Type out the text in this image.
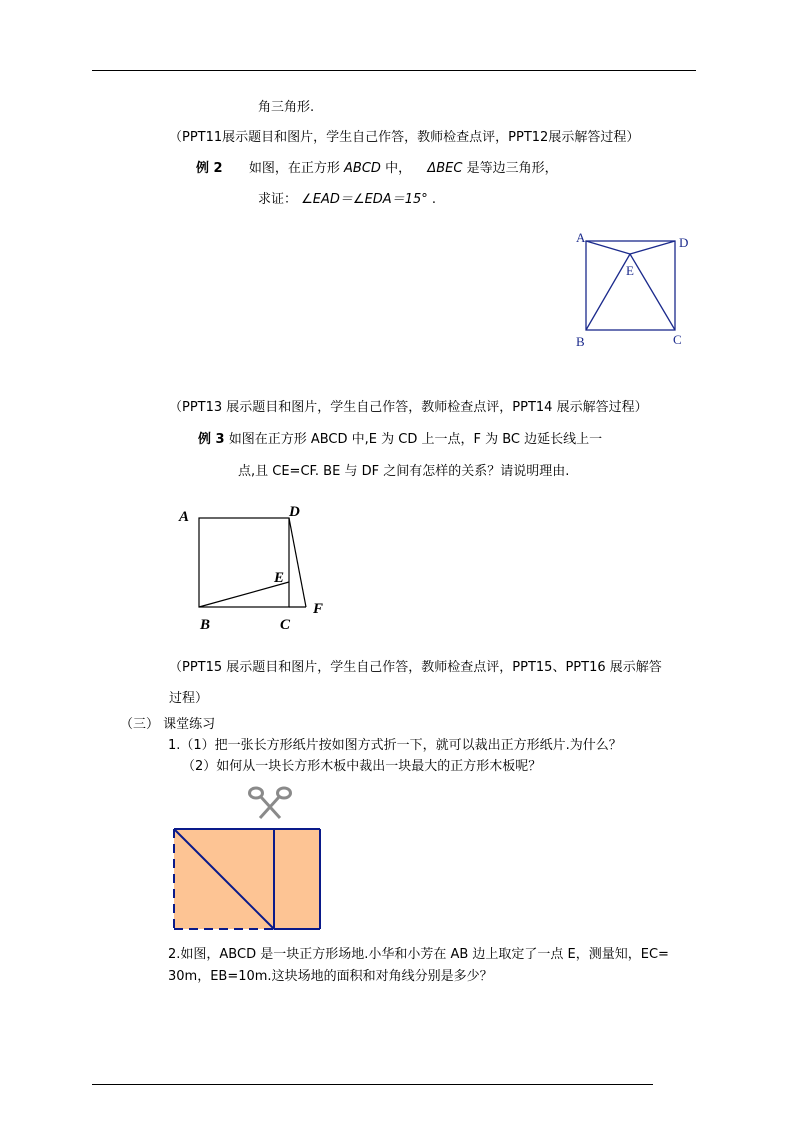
角三角形.
（PPT11展示题目和图片，学生自己作答，教师检查点评，PPT12展示解答过程）
例 2 如图，在正方形 ABCD 中， ΔBEC 是等边三角形，
求证： ∠EAD＝∠EDA＝15° .
A	D
E
B	C
（PPT13 展示题目和图片，学生自己作答，教师检查点评，PPT14 展示解答过程）
例 3 如图在正方形 ABCD 中,E 为 CD 上一点，F 为 BC 边延长线上一
点,且 CE=CF. BE 与 DF 之间有怎样的关系？请说明理由.
A	D
E
F
B	C
（PPT15 展示题目和图片，学生自己作答，教师检查点评，PPT15、PPT16 展示解答
过程）
（三） 课堂练习
1.（1）把一张长方形纸片按如图方式折一下，就可以裁出正方形纸片.为什么？
（2）如何从一块长方形木板中裁出一块最大的正方形木板呢？
2.如图，ABCD 是一块正方形场地.小华和小芳在 AB 边上取定了一点 E，测量知，EC=
30m，EB=10m.这块场地的面积和对角线分别是多少？
